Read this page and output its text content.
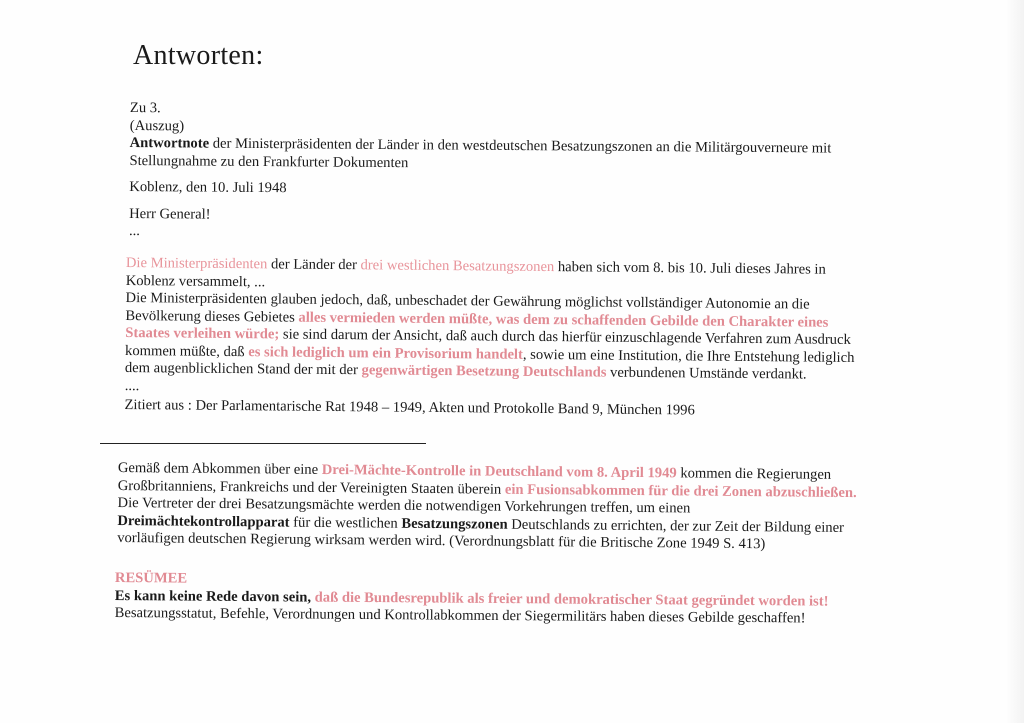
Antworten:
Zu 3.
(Auszug)
Antwortnote der Ministerpräsidenten der Länder in den westdeutschen Besatzungszonen an die Militärgouverneure mit
Stellungnahme zu den Frankfurter Dokumenten
Koblenz, den 10. Juli 1948
Herr General!
...
Die Ministerpräsidenten der Länder der drei westlichen Besatzungszonen haben sich vom 8. bis 10. Juli dieses Jahres in
Koblenz versammelt, ...
Die Ministerpräsidenten glauben jedoch, daß, unbeschadet der Gewährung möglichst vollständiger Autonomie an die
Bevölkerung dieses Gebietes alles vermieden werden müßte, was dem zu schaffenden Gebilde den Charakter eines
Staates verleihen würde; sie sind darum der Ansicht, daß auch durch das hierfür einzuschlagende Verfahren zum Ausdruck
kommen müßte, daß es sich lediglich um ein Provisorium handelt, sowie um eine Institution, die Ihre Entstehung lediglich
dem augenblicklichen Stand der mit der gegenwärtigen Besetzung Deutschlands verbundenen Umstände verdankt.
....
Zitiert aus : Der Parlamentarische Rat 1948 – 1949, Akten und Protokolle Band 9, München 1996
Gemäß dem Abkommen über eine Drei-Mächte-Kontrolle in Deutschland vom 8. April 1949 kommen die Regierungen
Großbritanniens, Frankreichs und der Vereinigten Staaten überein ein Fusionsabkommen für die drei Zonen abzuschließen.
Die Vertreter der drei Besatzungsmächte werden die notwendigen Vorkehrungen treffen, um einen
Dreimächtekontrollapparat für die westlichen Besatzungszonen Deutschlands zu errichten, der zur Zeit der Bildung einer
vorläufigen deutschen Regierung wirksam werden wird. (Verordnungsblatt für die Britische Zone 1949 S. 413)
RESÜMEE
Es kann keine Rede davon sein, daß die Bundesrepublik als freier und demokratischer Staat gegründet worden ist!
Besatzungsstatut, Befehle, Verordnungen und Kontrollabkommen der Siegermilitärs haben dieses Gebilde geschaffen!
